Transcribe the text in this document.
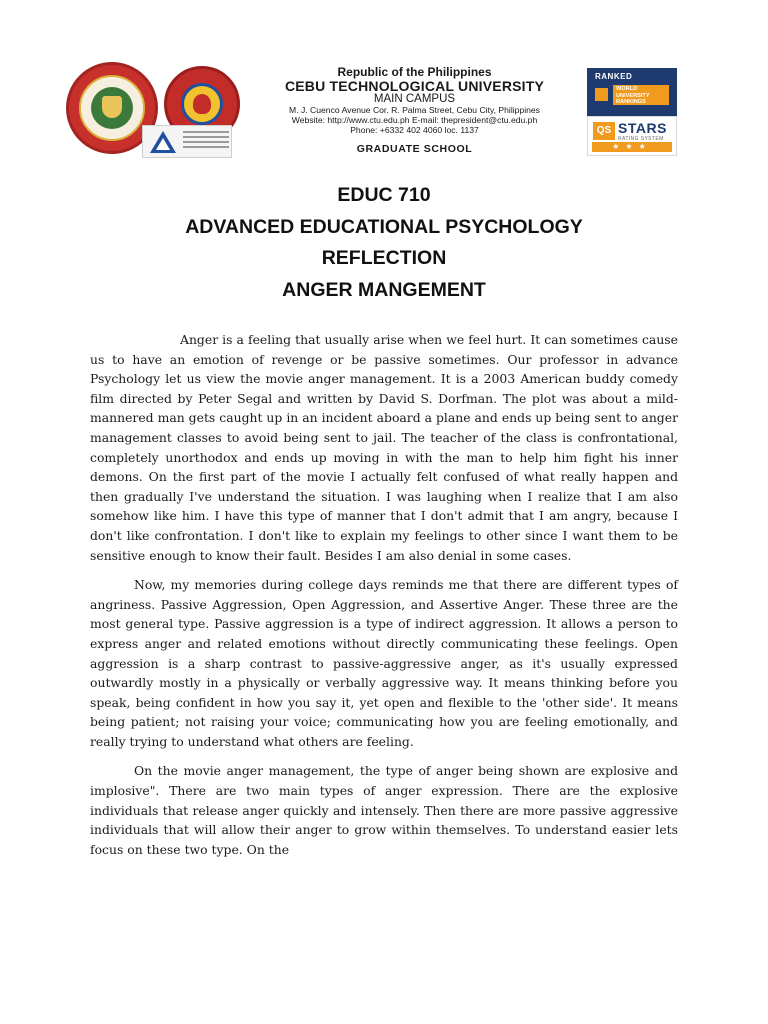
Republic of the Philippines
CEBU TECHNOLOGICAL UNIVERSITY
MAIN CAMPUS
M. J. Cuenco Avenue Cor. R. Palma Street, Cebu City, Philippines
Website: http://www.ctu.edu.ph E-mail: thepresident@ctu.edu.ph
Phone: +6332 402 4060 loc. 1137
GRADUATE SCHOOL
RANKED
WORLD UNIVERSITY RANKINGS
QS STARS
RATING SYSTEM
★★★
EDUC 710
ADVANCED EDUCATIONAL PSYCHOLOGY
REFLECTION
ANGER MANGEMENT

Anger is a feeling that usually arise when we feel hurt. It can sometimes cause us to have an emotion of revenge or be passive sometimes. Our professor in advance Psychology let us view the movie anger management. It is a 2003 American buddy comedy film directed by Peter Segal and written by David S. Dorfman. The plot was about a mild-mannered man gets caught up in an incident aboard a plane and ends up being sent to anger management classes to avoid being sent to jail. The teacher of the class is confrontational, completely unorthodox and ends up moving in with the man to help him fight his inner demons. On the first part of the movie I actually felt confused of what really happen and then gradually I've understand the situation. I was laughing when I realize that I am also somehow like him. I have this type of manner that I don't admit that I am angry, because I don't like confrontation. I don't like to explain my feelings to other since I want them to be sensitive enough to know their fault. Besides I am also denial in some cases.

Now, my memories during college days reminds me that there are different types of angriness. Passive Aggression, Open Aggression, and Assertive Anger. These three are the most general type. Passive aggression is a type of indirect aggression. It allows a person to express anger and related emotions without directly communicating these feelings. Open aggression is a sharp contrast to passive-aggressive anger, as it's usually expressed outwardly mostly in a physically or verbally aggressive way. It means thinking before you speak, being confident in how you say it, yet open and flexible to the 'other side'. It means being patient; not raising your voice; communicating how you are feeling emotionally, and really trying to understand what others are feeling.

On the movie anger management, the type of anger being shown are explosive and implosive". There are two main types of anger expression. There are the explosive individuals that release anger quickly and intensely. Then there are more passive aggressive individuals that will allow their anger to grow within themselves. To understand easier lets focus on these two type. On the
